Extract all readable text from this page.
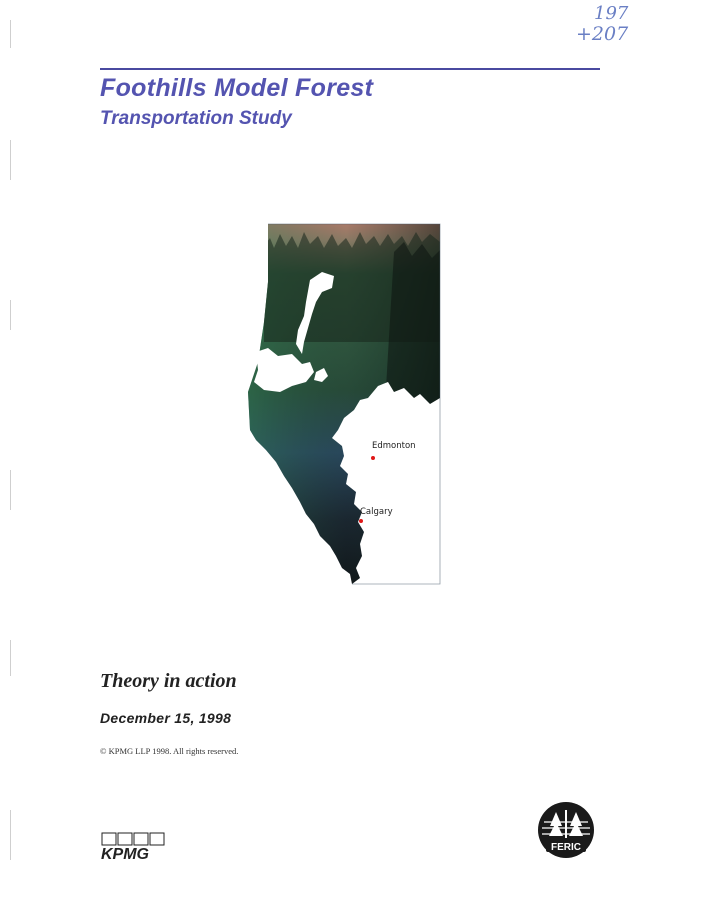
197
+207
Foothills Model Forest
Transportation Study
Edmonton
Calgary

Theory in action

December 15, 1998

© KPMG LLP 1998. All rights reserved.

KPMG	FERIC
